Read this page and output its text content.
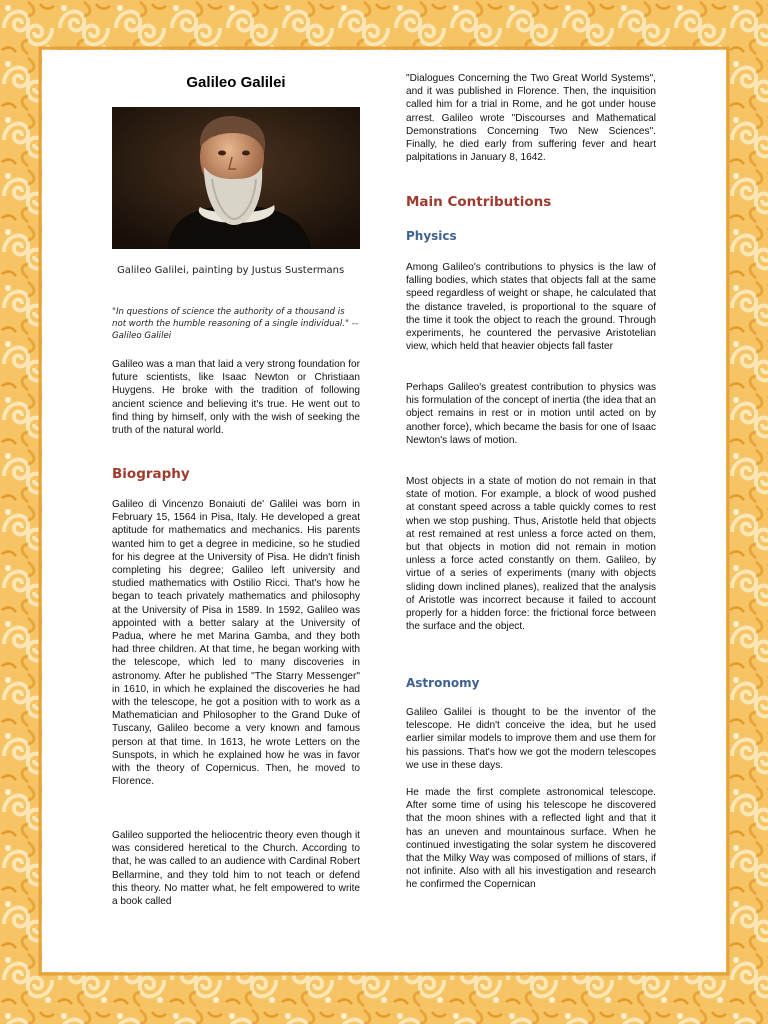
Galileo Galilei
Galileo Galilei, painting by Justus Sustermans
"In questions of science the authority of a thousand is not worth the humble reasoning of a single individual." --Galileo Galilei

Galileo was a man that laid a very strong foundation for future scientists, like Isaac Newton or Christiaan Huygens. He broke with the tradition of following ancient science and believing it's true. He went out to find thing by himself, only with the wish of seeking the truth of the natural world.

Biography

Galileo di Vincenzo Bonaiuti de' Galilei was born in February 15, 1564 in Pisa, Italy. He developed a great aptitude for mathematics and mechanics. His parents wanted him to get a degree in medicine, so he studied for his degree at the University of Pisa. He didn't finish completing his degree; Galileo left university and studied mathematics with Ostilio Ricci. That's how he began to teach privately mathematics and philosophy at the University of Pisa in 1589. In 1592, Galileo was appointed with a better salary at the University of Padua, where he met Marina Gamba, and they both had three children. At that time, he began working with the telescope, which led to many discoveries in astronomy. After he published "The Starry Messenger" in 1610, in which he explained the discoveries he had with the telescope, he got a position with to work as a Mathematician and Philosopher to the Grand Duke of Tuscany, Galileo become a very known and famous person at that time. In 1613, he wrote Letters on the Sunspots, in which he explained how he was in favor with the theory of Copernicus. Then, he moved to Florence.

Galileo supported the heliocentric theory even though it was considered heretical to the Church. According to that, he was called to an audience with Cardinal Robert Bellarmine, and they told him to not teach or defend this theory. No matter what, he felt empowered to write a book called

"Dialogues Concerning the Two Great World Systems", and it was published in Florence. Then, the inquisition called him for a trial in Rome, and he got under house arrest. Galileo wrote "Discourses and Mathematical Demonstrations Concerning Two New Sciences". Finally, he died early from suffering fever and heart palpitations in January 8, 1642.

Main Contributions
Physics

Among Galileo's contributions to physics is the law of falling bodies, which states that objects fall at the same speed regardless of weight or shape, he calculated that the distance traveled, is proportional to the square of the time it took the object to reach the ground. Through experiments, he countered the pervasive Aristotelian view, which held that heavier objects fall faster

Perhaps Galileo's greatest contribution to physics was his formulation of the concept of inertia (the idea that an object remains in rest or in motion until acted on by another force), which became the basis for one of Isaac Newton's laws of motion.

Most objects in a state of motion do not remain in that state of motion. For example, a block of wood pushed at constant speed across a table quickly comes to rest when we stop pushing. Thus, Aristotle held that objects at rest remained at rest unless a force acted on them, but that objects in motion did not remain in motion unless a force acted constantly on them. Galileo, by virtue of a series of experiments (many with objects sliding down inclined planes), realized that the analysis of Aristotle was incorrect because it failed to account properly for a hidden force: the frictional force between the surface and the object.

Astronomy

Galileo Galilei is thought to be the inventor of the telescope. He didn't conceive the idea, but he used earlier similar models to improve them and use them for his passions. That's how we got the modern telescopes we use in these days.

He made the first complete astronomical telescope. After some time of using his telescope he discovered that the moon shines with a reflected light and that it has an uneven and mountainous surface. When he continued investigating the solar system he discovered that the Milky Way was composed of millions of stars, if not infinite. Also with all his investigation and research he confirmed the Copernican
